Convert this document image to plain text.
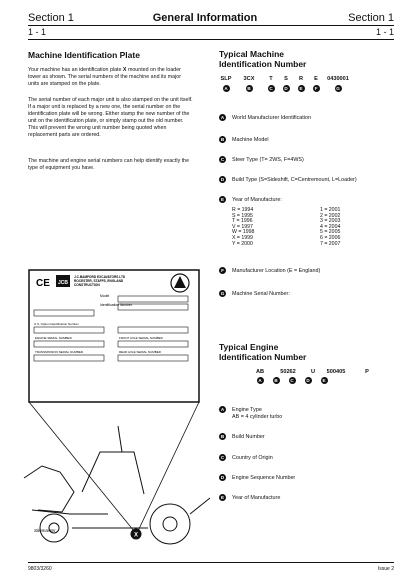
Section 1	General Information	Section 1
1 - 1	1 - 1
Machine Identification Plate
Your machine has an identification plate X mounted on the loader tower as shown. The serial numbers of the machine and its major units are stamped on the plate.
The serial number of each major unit is also stamped on the unit itself. If a major unit is replaced by a new one, the serial number on the identification plate will be wrong. Either stamp the new number of the unit on the identification plate, or simply stamp out the old number. This will prevent the wrong unit number being quoted when replacement parts are ordered.
The machine and engine serial numbers can help identify exactly the type of equipment you have.
Typical Machine
Identification Number
SLP
A
3CX
B
T
C
S
D
R
E
E
F
0430001
G
A	World Manufacturer Identification
B	Machine Model
C	Steer Type (T= 2WS, F=4WS)
D	Build Type (S=Sideshift, C=Centremount, L=Loader)
E	Year of Manufacture:
F	Manufacturer Location (E = England)
G	Machine Serial Number:
R = 1994
S = 1995
T = 1996
V = 1997
W = 1998
X = 1999
Y = 2000
1 = 2001
2 = 2002
3 = 2003
4 = 2004
5 = 2005
6 = 2006
7 = 2007
Typical Engine
Identification Number
AB	50262	U	500405	P
A	B	C	D	E
A	Engine Type
AB = 4 cylinder turbo
B	Build Number
C	Country of Origin
D	Engine Sequence Number
E	Year of Manufacture
CE JCB
J.C.BAMFORD EXCAVATORS LTD
ROCESTER, STAFFS, ENGLAND
CONSTRUCTION
Model
Identification Number
U.S. Option Identification Number
ENGINE SERIAL NUMBER	FRONT AXLE SERIAL NUMBER
TRANSMISSION SERIAL NUMBER	REAR AXLE SERIAL NUMBER
Sitemaster
X
9803/3260	Issue 2
